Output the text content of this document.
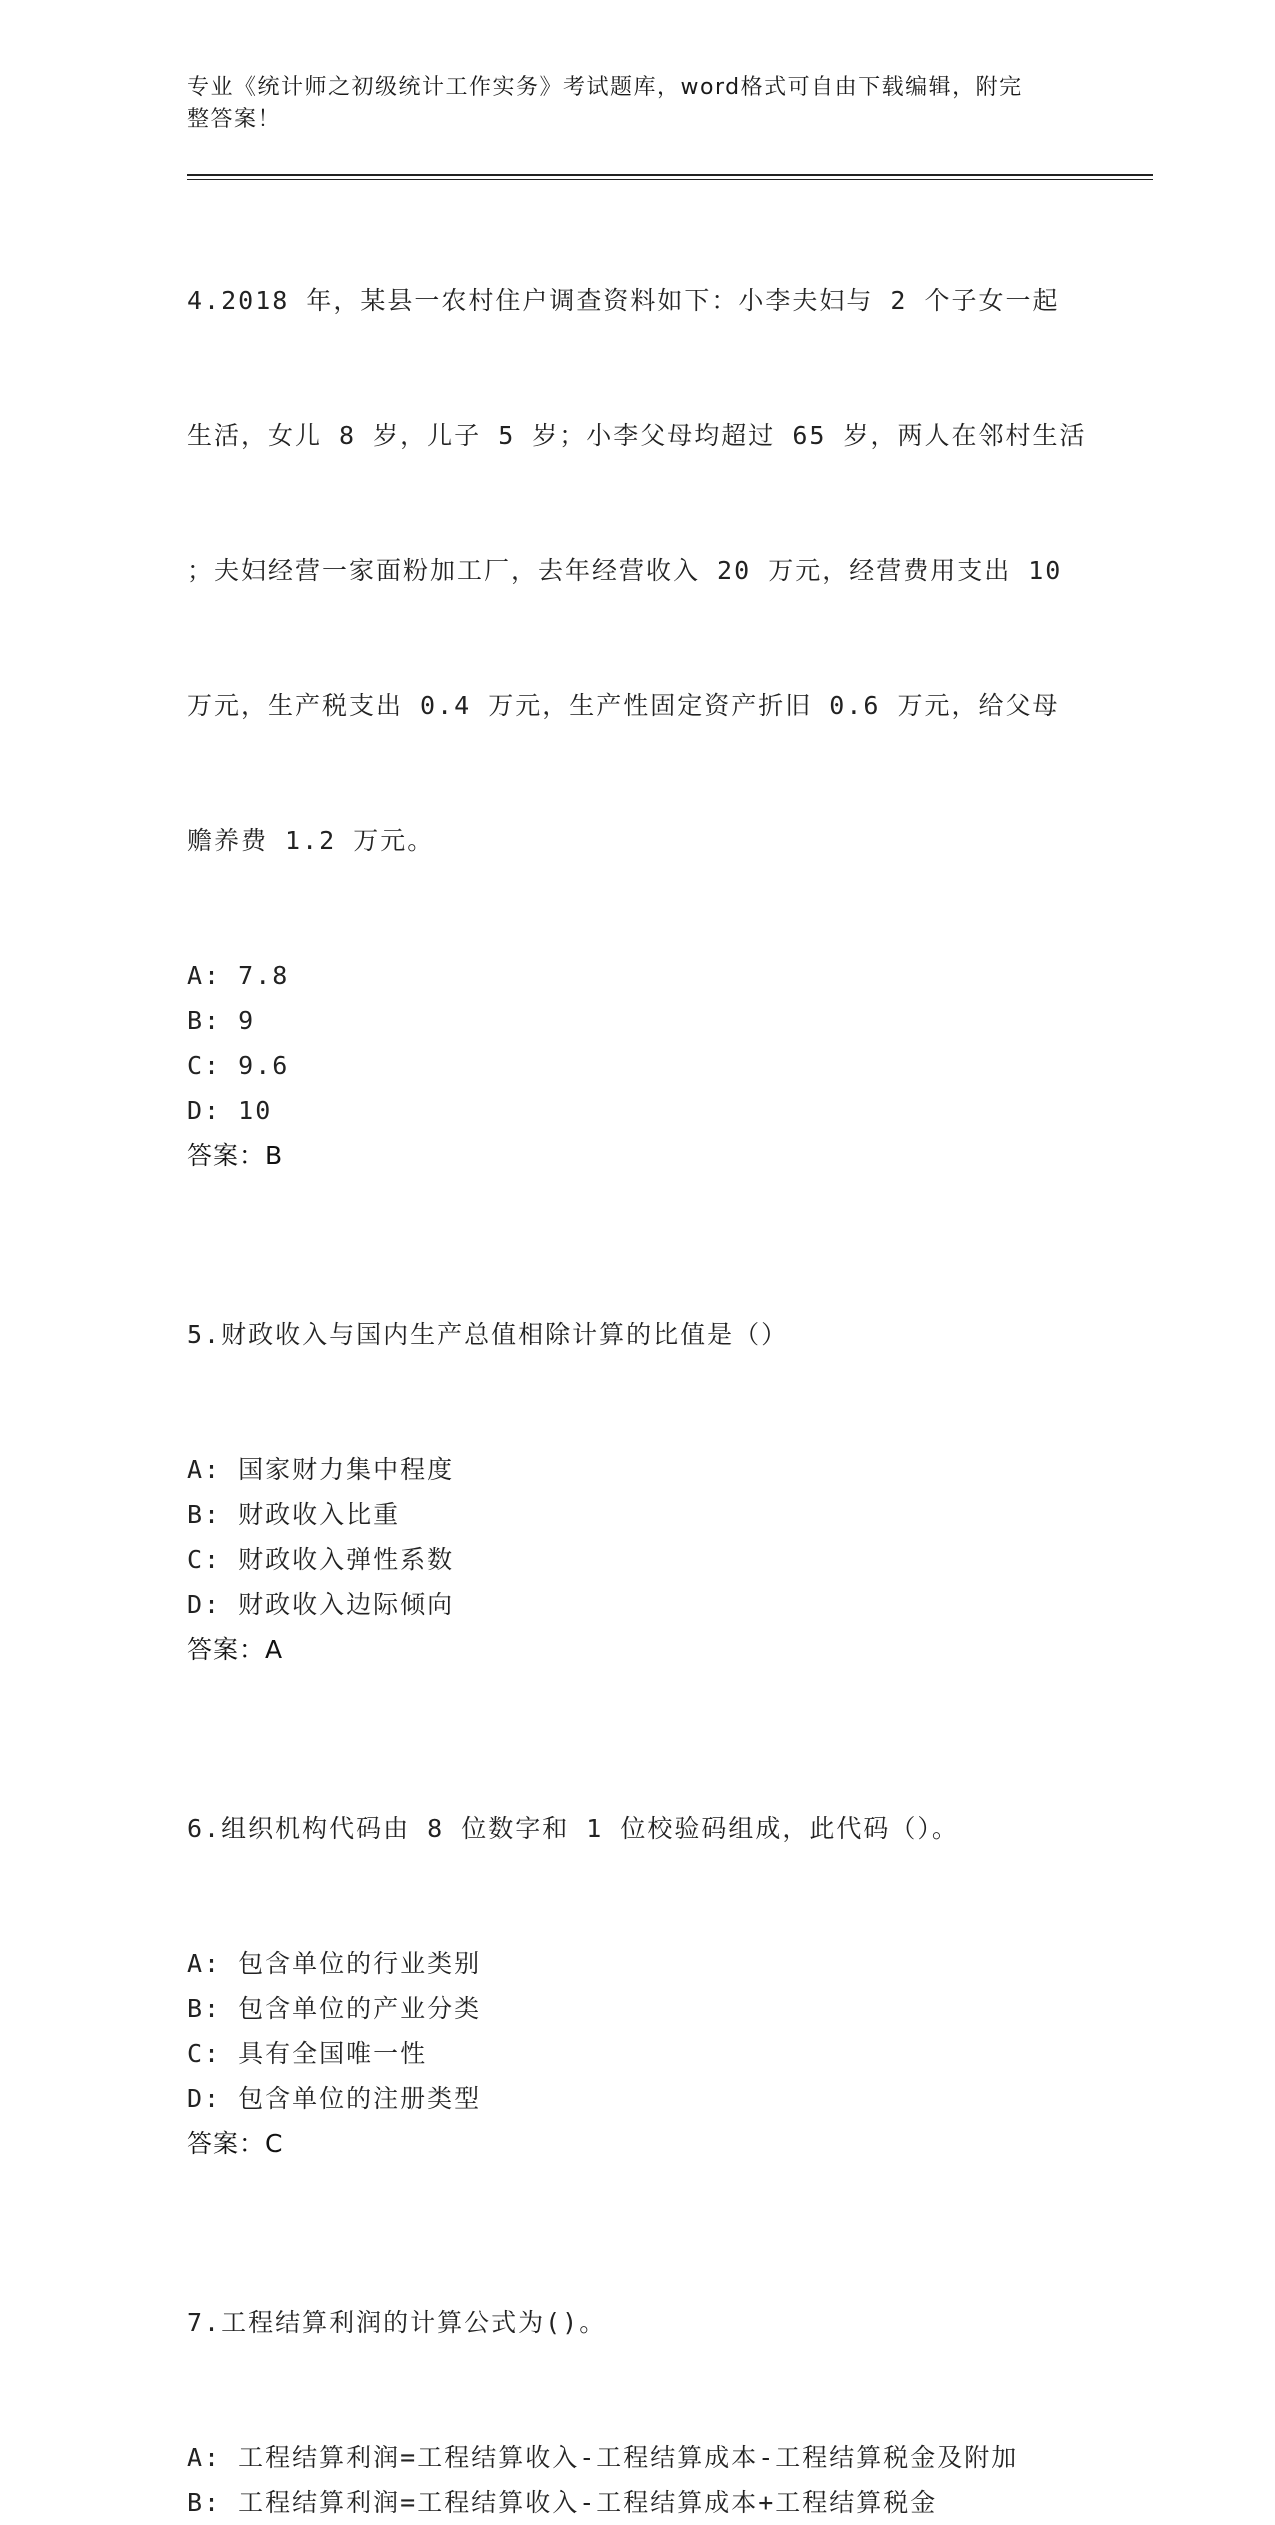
专业《统计师之初级统计工作实务》考试题库，word格式可自由下载编辑，附完
整答案！

4.2018 年，某县一农村住户调查资料如下：小李夫妇与 2 个子女一起

生活，女儿 8 岁，儿子 5 岁；小李父母均超过 65 岁，两人在邻村生活

；夫妇经营一家面粉加工厂，去年经营收入 20 万元，经营费用支出 10

万元，生产税支出 0.4 万元，生产性固定资产折旧 0.6 万元，给父母

赡养费 1.2 万元。

A: 7.8
B: 9
C: 9.6
D: 10
答案：B

5.财政收入与国内生产总值相除计算的比值是（）

A: 国家财力集中程度
B: 财政收入比重
C: 财政收入弹性系数
D: 财政收入边际倾向
答案：A

6.组织机构代码由 8 位数字和 1 位校验码组成，此代码（）。

A: 包含单位的行业类别
B: 包含单位的产业分类
C: 具有全国唯一性
D: 包含单位的注册类型
答案：C

7.工程结算利润的计算公式为()。

A: 工程结算利润=工程结算收入-工程结算成本-工程结算税金及附加
B: 工程结算利润=工程结算收入-工程结算成本+工程结算税金
